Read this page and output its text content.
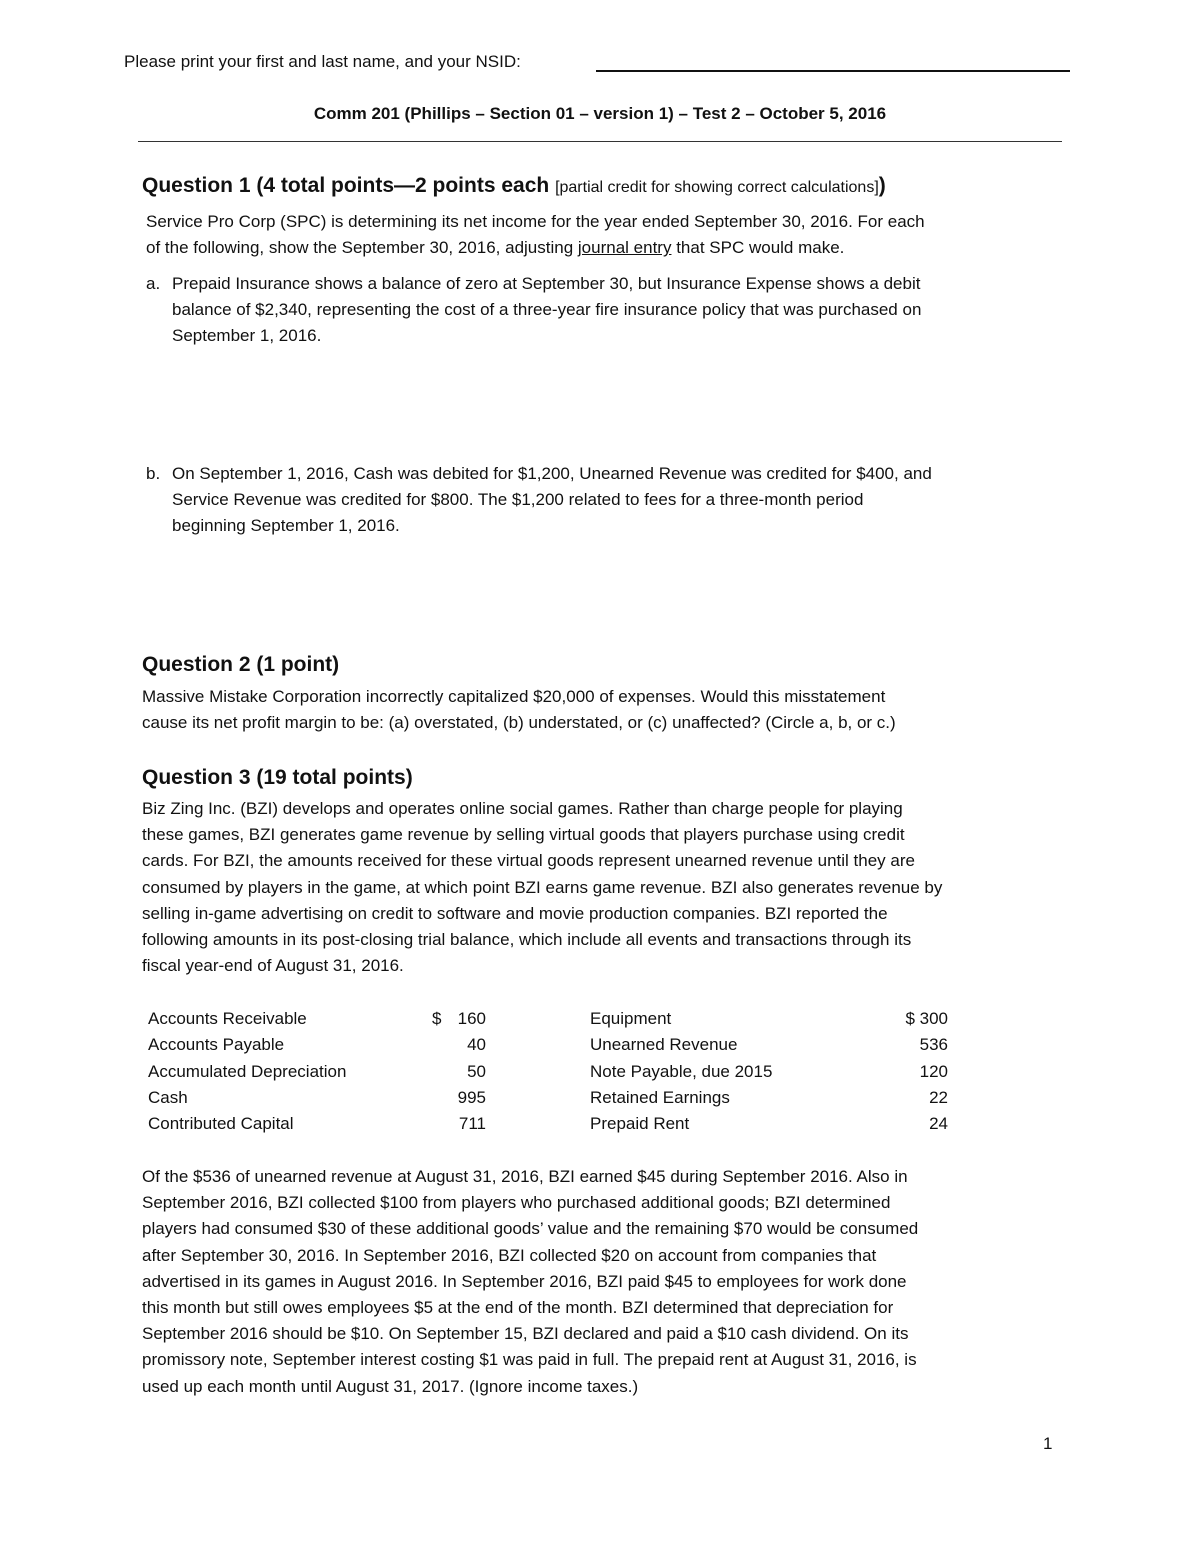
Please print your first and last name, and your NSID:
Comm 201 (Phillips – Section 01 – version 1) – Test 2 – October 5, 2016
Question 1 (4 total points—2 points each [partial credit for showing correct calculations])

Service Pro Corp (SPC) is determining its net income for the year ended September 30, 2016. For each

of the following, show the September 30, 2016, adjusting journal entry that SPC would make.

a. Prepaid Insurance shows a balance of zero at September 30, but Insurance Expense shows a debit
balance of $2,340, representing the cost of a three-year fire insurance policy that was purchased on
September 1, 2016.
b. On September 1, 2016, Cash was debited for $1,200, Unearned Revenue was credited for $400, and
Service Revenue was credited for $800. The $1,200 related to fees for a three-month period
beginning September 1, 2016.
Question 2 (1 point)

Massive Mistake Corporation incorrectly capitalized $20,000 of expenses. Would this misstatement

cause its net profit margin to be: (a) overstated, (b) understated, or (c) unaffected? (Circle a, b, or c.)

Question 3 (19 total points)

Biz Zing Inc. (BZI) develops and operates online social games. Rather than charge people for playing

these games, BZI generates game revenue by selling virtual goods that players purchase using credit

cards. For BZI, the amounts received for these virtual goods represent unearned revenue until they are

consumed by players in the game, at which point BZI earns game revenue. BZI also generates revenue by

selling in-game advertising on credit to software and movie production companies. BZI reported the

following amounts in its post-closing trial balance, which include all events and transactions through its

fiscal year-end of August 31, 2016.

Accounts Receivable	$	160		Equipment	$ 300
Accounts Payable		40		Unearned Revenue	536
Accumulated Depreciation		50		Note Payable, due 2015	120
Cash		995		Retained Earnings	22
Contributed Capital		711		Prepaid Rent	24

Of the $536 of unearned revenue at August 31, 2016, BZI earned $45 during September 2016. Also in

September 2016, BZI collected $100 from players who purchased additional goods; BZI determined

players had consumed $30 of these additional goods’ value and the remaining $70 would be consumed

after September 30, 2016. In September 2016, BZI collected $20 on account from companies that

advertised in its games in August 2016. In September 2016, BZI paid $45 to employees for work done

this month but still owes employees $5 at the end of the month. BZI determined that depreciation for

September 2016 should be $10. On September 15, BZI declared and paid a $10 cash dividend. On its

promissory note, September interest costing $1 was paid in full. The prepaid rent at August 31, 2016, is

used up each month until August 31, 2017. (Ignore income taxes.)

1
